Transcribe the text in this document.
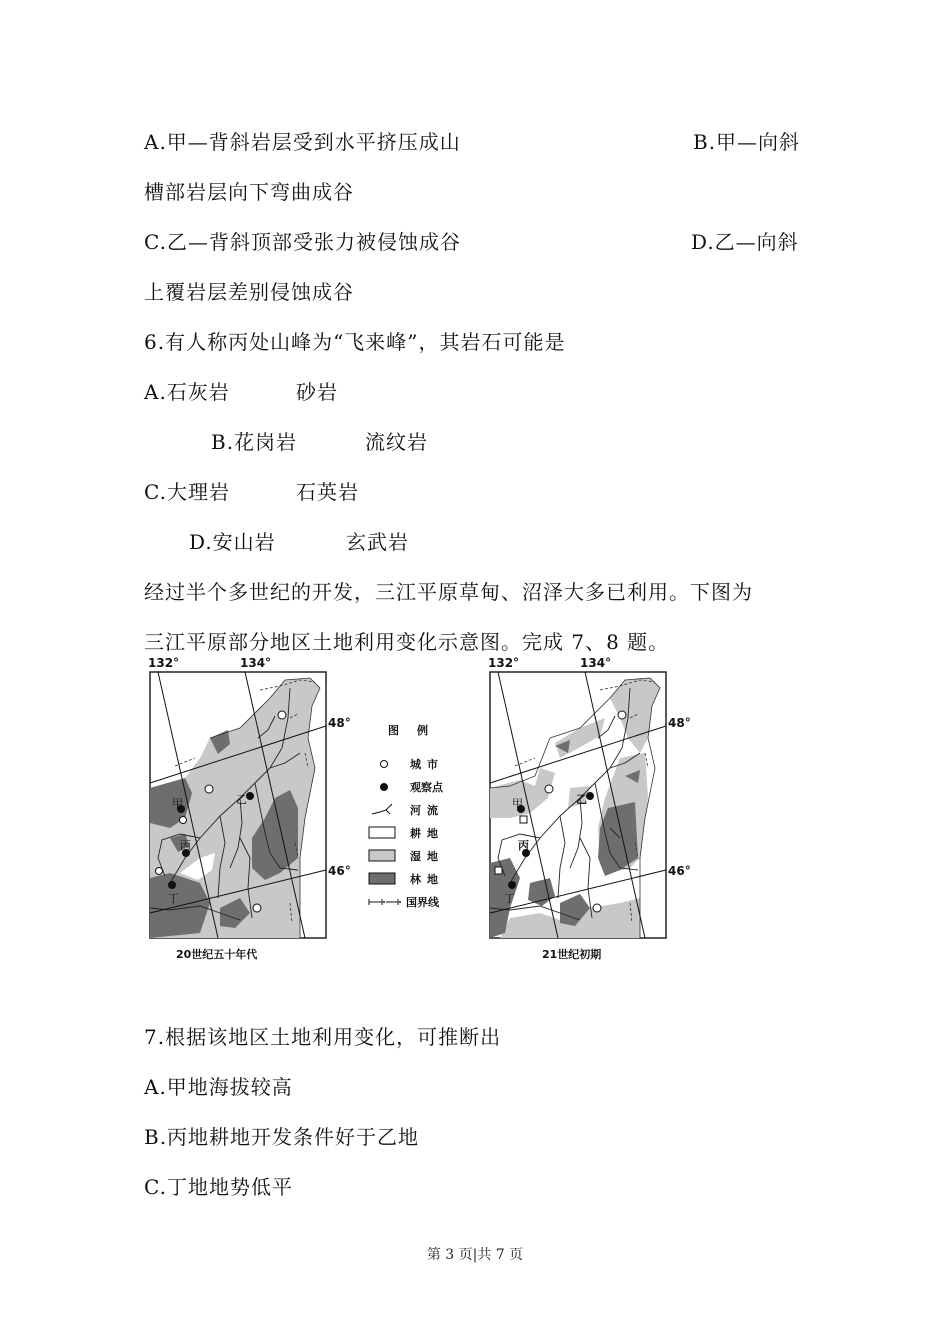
A.甲—背斜岩层受到水平挤压成山	B.甲—向斜
槽部岩层向下弯曲成谷
C.乙—背斜顶部受张力被侵蚀成谷	D.乙—向斜
上覆岩层差别侵蚀成谷
6.有人称丙处山峰为“飞来峰”，其岩石可能是
A.石灰岩	砂岩
B.花岗岩	流纹岩
C.大理岩	石英岩
D.安山岩	玄武岩
经过半个多世纪的开发，三江平原草甸、沼泽大多已利用。下图为
三江平原部分地区土地利用变化示意图。完成 7、8 题。
132°	134°
48°
46°
甲	乙
丙
丁
20世纪五十年代
图例
城市
观察点
河流
耕地
湿地
林地
国界线
132°	134°
48°
46°
甲	乙
丙
丁
21世纪初期
7.根据该地区土地利用变化，可推断出
A.甲地海拔较高
B.丙地耕地开发条件好于乙地
C.丁地地势低平
第 3 页|共 7 页
